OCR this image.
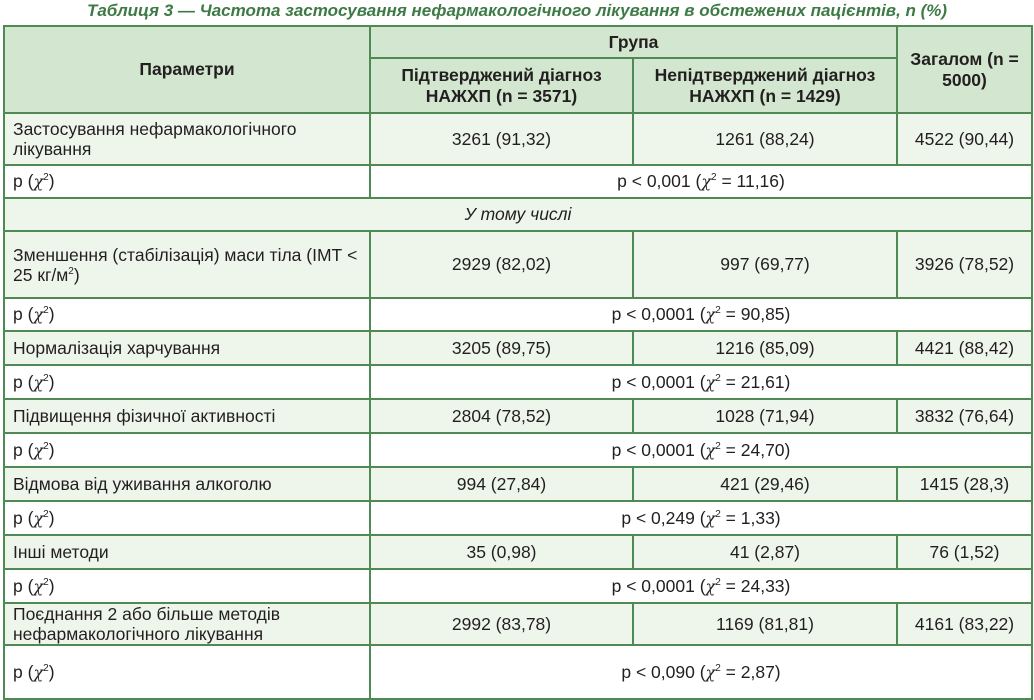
Таблиця 3 — Частота застосування нефармакологічного лікування в обстежених пацієнтів, n (%)
Параметри	Група		Загалом (n = 5000)
	Підтверджений діагноз НАЖХП (n = 3571)	Непідтверджений діагноз НАЖХП (n = 1429)	
Застосування нефармакологічного лікування	3261 (91,32)	1261 (88,24)	4522 (90,44)
p $(\chi^2)$	p < 0,001 $(\chi^2 = 11,16)$		
У тому числі			
Зменшення (стабілізація) маси тіла (ІМТ < 25 $кг/м^2$)	2929 (82,02)	997 (69,77)	3926 (78,52)
p $(\chi^2)$	p < 0,0001 $(\chi^2 = 90,85)$		
Нормалізація харчування	3205 (89,75)	1216 (85,09)	4421 (88,42)
p $(\chi^2)$	p < 0,0001 $(\chi^2 = 21,61)$		
Підвищення фізичної активності	2804 (78,52)	1028 (71,94)	3832 (76,64)
p $(\chi^2)$	p < 0,0001 $(\chi^2 = 24,70)$		
Відмова від уживання алкоголю	994 (27,84)	421 (29,46)	1415 (28,3)
p $(\chi^2)$	p < 0,249 $(\chi^2 = 1,33)$		
Інші методи	35 (0,98)	41 (2,87)	76 (1,52)
p $(\chi^2)$	p < 0,0001 $(\chi^2 = 24,33)$		
Поєднання 2 або більше методів нефармакологічного лікування	2992 (83,78)	1169 (81,81)	4161 (83,22)
p $(\chi^2)$	p < 0,090 $(\chi^2 = 2,87)$		
